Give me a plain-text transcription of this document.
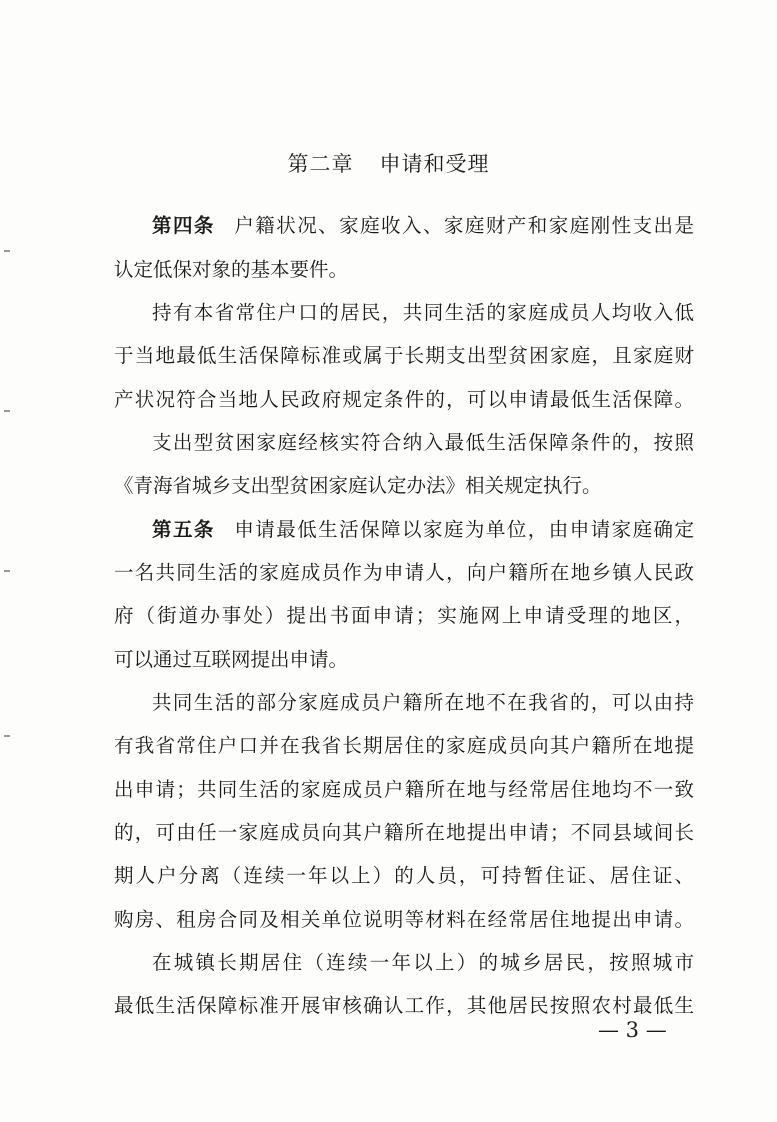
第二章 申请和受理
第四条 户籍状况、家庭收入、家庭财产和家庭刚性支出是
认定低保对象的基本要件。
持有本省常住户口的居民，共同生活的家庭成员人均收入低
于当地最低生活保障标准或属于长期支出型贫困家庭，且家庭财
产状况符合当地人民政府规定条件的，可以申请最低生活保障。
支出型贫困家庭经核实符合纳入最低生活保障条件的，按照
《青海省城乡支出型贫困家庭认定办法》相关规定执行。
第五条 申请最低生活保障以家庭为单位，由申请家庭确定
一名共同生活的家庭成员作为申请人，向户籍所在地乡镇人民政
府（街道办事处）提出书面申请；实施网上申请受理的地区，
可以通过互联网提出申请。
共同生活的部分家庭成员户籍所在地不在我省的，可以由持
有我省常住户口并在我省长期居住的家庭成员向其户籍所在地提
出申请；共同生活的家庭成员户籍所在地与经常居住地均不一致
的，可由任一家庭成员向其户籍所在地提出申请；不同县域间长
期人户分离（连续一年以上）的人员，可持暂住证、居住证、
购房、租房合同及相关单位说明等材料在经常居住地提出申请。
在城镇长期居住（连续一年以上）的城乡居民，按照城市
最低生活保障标准开展审核确认工作，其他居民按照农村最低生
— 3 —
